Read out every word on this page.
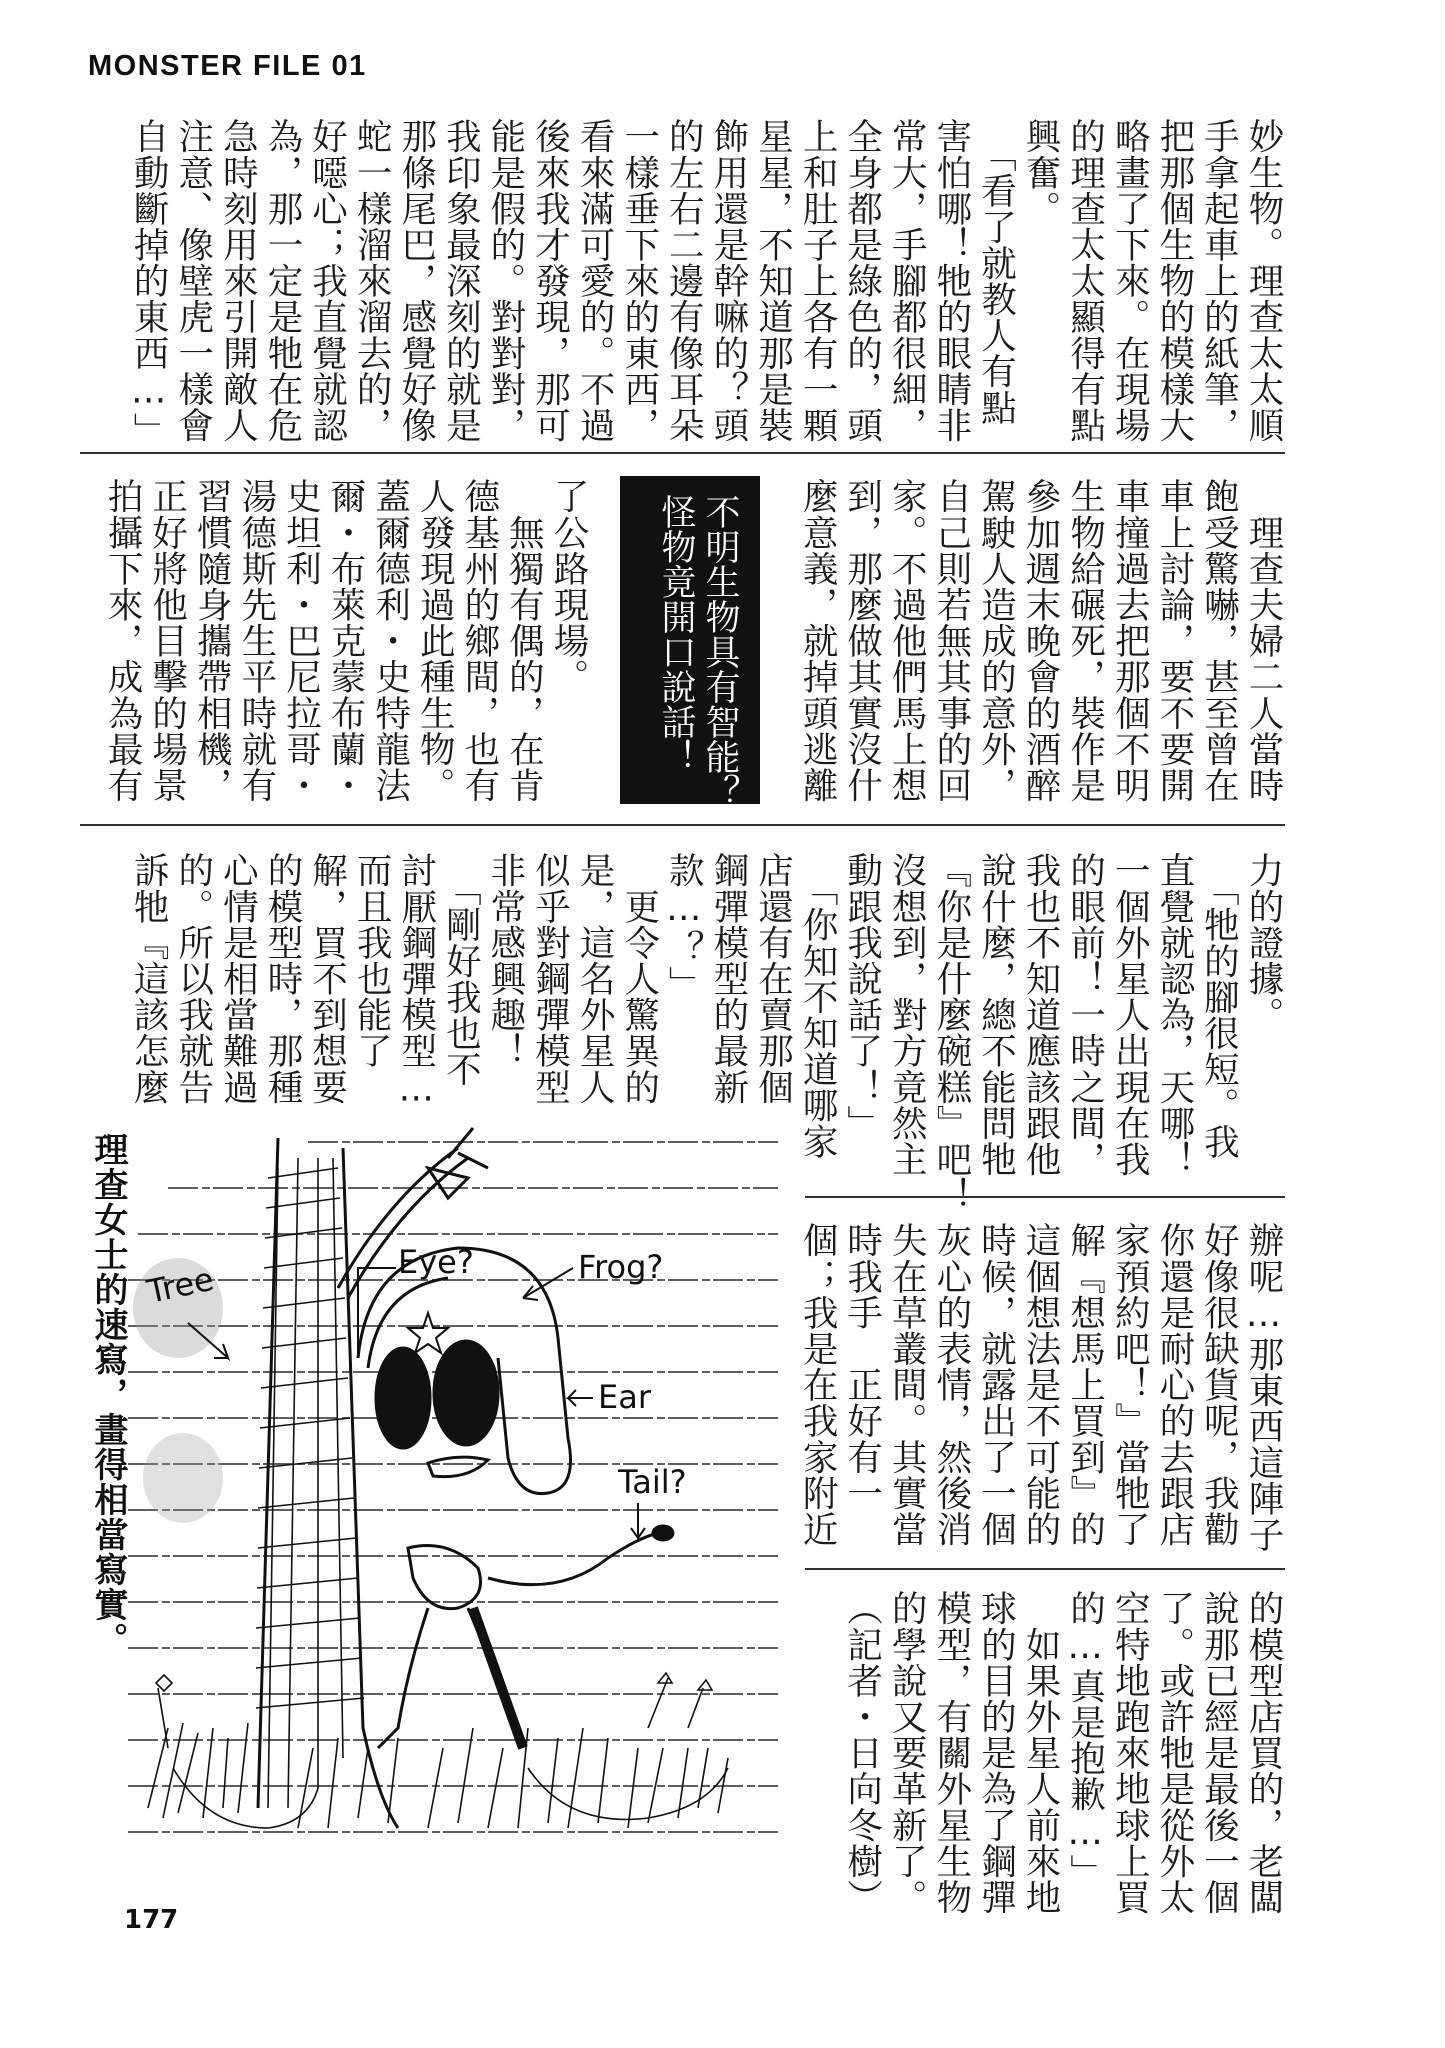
MONSTER FILE 01
妙生物。理查太太順
手拿起車上的紙筆，
把那個生物的模樣大
略畫了下來。在現場
的理查太太顯得有點
興奮。
　「看了就教人有點
害怕哪！牠的眼睛非
常大，手腳都很細，
全身都是綠色的，頭
上和肚子上各有一顆
星星，不知道那是裝
飾用還是幹嘛的？頭
的左右二邊有像耳朵
一樣垂下來的東西，
看來滿可愛的。不過
後來我才發現，那可
能是假的。對對對，
我印象最深刻的就是
那條尾巴，感覺好像
蛇一樣溜來溜去的，
好噁心；我直覺就認
為，那一定是牠在危
急時刻用來引開敵人
注意、像壁虎一樣會
自動斷掉的東西…」
　理查夫婦二人當時
飽受驚嚇，甚至曾在
車上討論，要不要開
車撞過去把那個不明
生物給碾死，裝作是
參加週末晚會的酒醉
駕駛人造成的意外，
自己則若無其事的回
家。不過他們馬上想
到，那麼做其實沒什
麼意義，就掉頭逃離
不明生物具有智能？
怪物竟開口說話！
了公路現場。
　無獨有偶的，在肯
德基州的鄉間，也有
人發現過此種生物。
蓋爾德利・史特龍法
爾・布萊克蒙布蘭・
史坦利・巴尼拉哥・
湯德斯先生平時就有
習慣隨身攜帶相機，
正好將他目擊的場景
拍攝下來，成為最有
力的證據。
　「牠的腳很短。我
直覺就認為，天哪！
一個外星人出現在我
的眼前！一時之間，
我也不知道應該跟他
說什麼，總不能問牠
『你是什麼碗糕』吧！
沒想到，對方竟然主
動跟我說話了！」
　「你知不知道哪家
店還有在賣那個
鋼彈模型的最新
款…？」
　更令人驚異的
是，這名外星人
似乎對鋼彈模型
非常感興趣！
　「剛好我也不
討厭鋼彈模型…
而且我也能了
解，買不到想要
的模型時，那種
心情是相當難過
的。所以我就告
訴牠『這該怎麼
辦呢…那東西這陣子
好像很缺貨呢，我勸
你還是耐心的去跟店
家預約吧！』當牠了
解『想馬上買到』的
這個想法是不可能的
時候，就露出了一個
灰心的表情，然後消
失在草叢間。其實當
時我手　正好有一
個；我是在我家附近
的模型店買的，老闆
說那已經是最後一個
了。或許牠是從外太
空特地跑來地球上買
的…真是抱歉…」
　如果外星人前來地
球的目的是為了鋼彈
模型，有關外星生物
的學說又要革新了。
（記者・日向冬樹）
理查女士的速寫，畫得相當寫實。 Tree	Eye?	Frog?
Ear
Tail?
177
